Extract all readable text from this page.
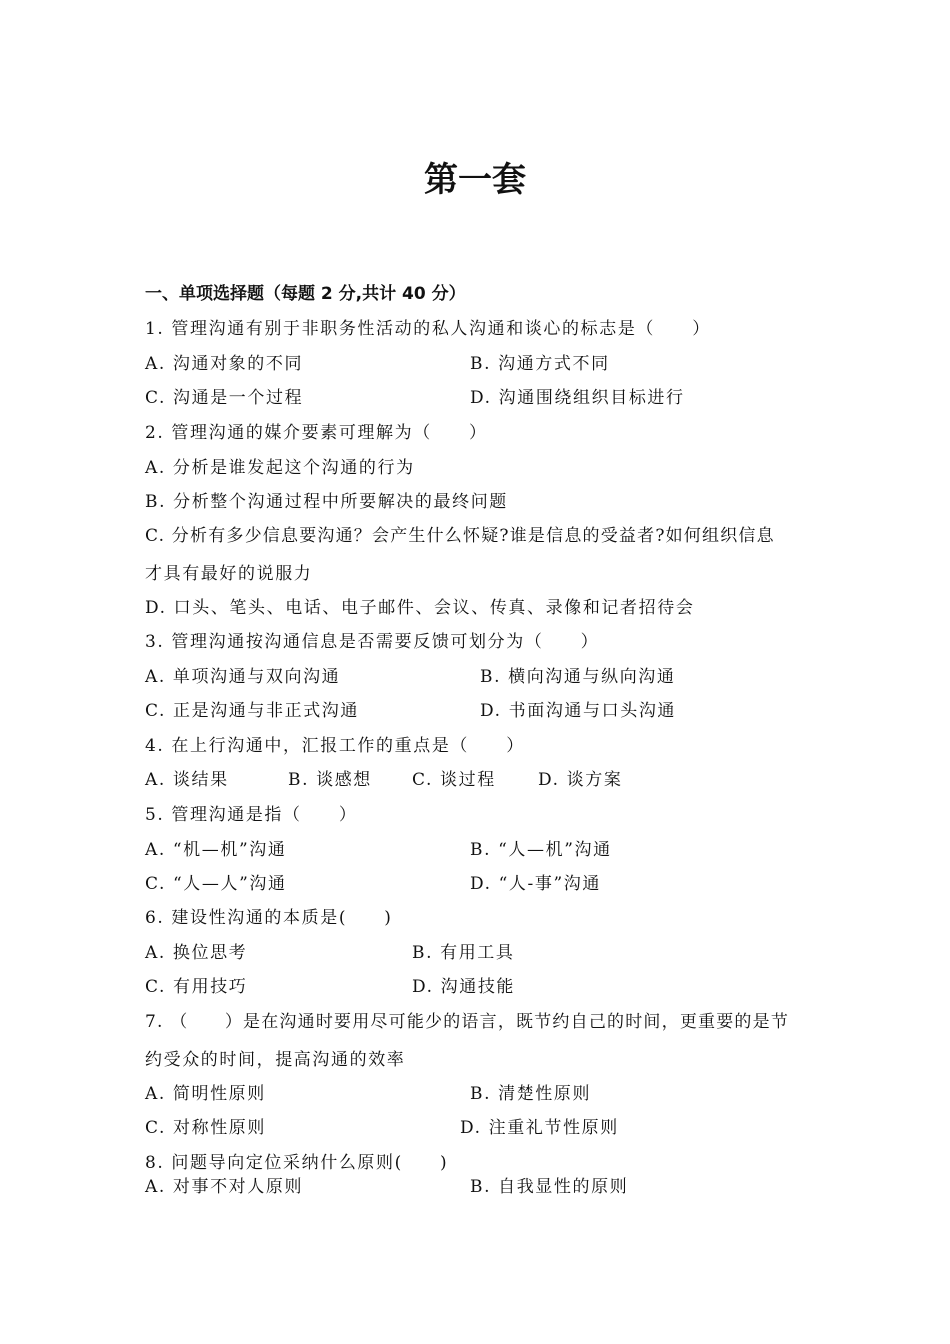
第一套
一、单项选择题（每题 2 分,共计 40 分）
1. 管理沟通有别于非职务性活动的私人沟通和谈心的标志是（　　）
A. 沟通对象的不同	B. 沟通方式不同
C. 沟通是一个过程	D. 沟通围绕组织目标进行
2. 管理沟通的媒介要素可理解为（　　）
A. 分析是谁发起这个沟通的行为
B. 分析整个沟通过程中所要解决的最终问题
C. 分析有多少信息要沟通？会产生什么怀疑?谁是信息的受益者?如何组织信息
才具有最好的说服力
D. 口头、笔头、电话、电子邮件、会议、传真、录像和记者招待会
3. 管理沟通按沟通信息是否需要反馈可划分为（　　）
A. 单项沟通与双向沟通	B. 横向沟通与纵向沟通
C. 正是沟通与非正式沟通	D. 书面沟通与口头沟通
4. 在上行沟通中，汇报工作的重点是（　　）
A. 谈结果	B. 谈感想 C. 谈过程 D. 谈方案
5. 管理沟通是指（　　）
A. “机—机”沟通	B. “人—机”沟通
C. “人—人”沟通	D. “人-事”沟通
6. 建设性沟通的本质是(　　)
A. 换位思考	B. 有用工具
C. 有用技巧	D. 沟通技能
7. （　　）是在沟通时要用尽可能少的语言，既节约自己的时间，更重要的是节
约受众的时间，提高沟通的效率
A. 简明性原则	B. 清楚性原则
C. 对称性原则	D. 注重礼节性原则
8. 问题导向定位采纳什么原则(　　)
A. 对事不对人原则	B. 自我显性的原则
